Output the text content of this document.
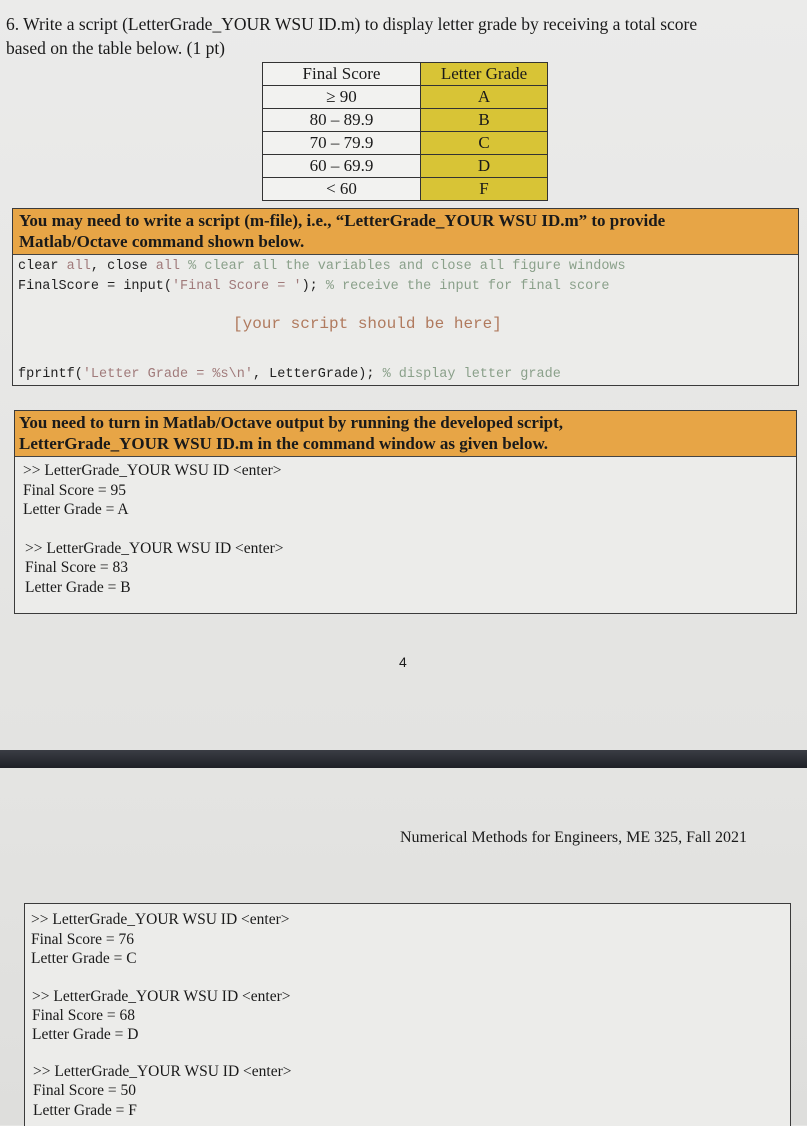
6. Write a script (LetterGrade_YOUR WSU ID.m) to display letter grade by receiving a total score
based on the table below. (1 pt)
Final Score	Letter Grade
≥ 90	A
80 – 89.9	B
70 – 79.9	C
60 – 69.9	D
< 60	F
You may need to write a script (m-file), i.e., “LetterGrade_YOUR WSU ID.m” to provide
Matlab/Octave command shown below.
clear all, close all % clear all the variables and close all figure windows
FinalScore = input('Final Score = '); % receive the input for final score
[your script should be here]
fprintf('Letter Grade = %s\n', LetterGrade); % display letter grade
You need to turn in Matlab/Octave output by running the developed script,
LetterGrade_YOUR WSU ID.m in the command window as given below.
>> LetterGrade_YOUR WSU ID <enter>
Final Score = 95
Letter Grade = A
>> LetterGrade_YOUR WSU ID <enter>
Final Score = 83
Letter Grade = B
4
Numerical Methods for Engineers, ME 325, Fall 2021
>> LetterGrade_YOUR WSU ID <enter>
Final Score = 76
Letter Grade = C
>> LetterGrade_YOUR WSU ID <enter>
Final Score = 68
Letter Grade = D
>> LetterGrade_YOUR WSU ID <enter>
Final Score = 50
Letter Grade = F
